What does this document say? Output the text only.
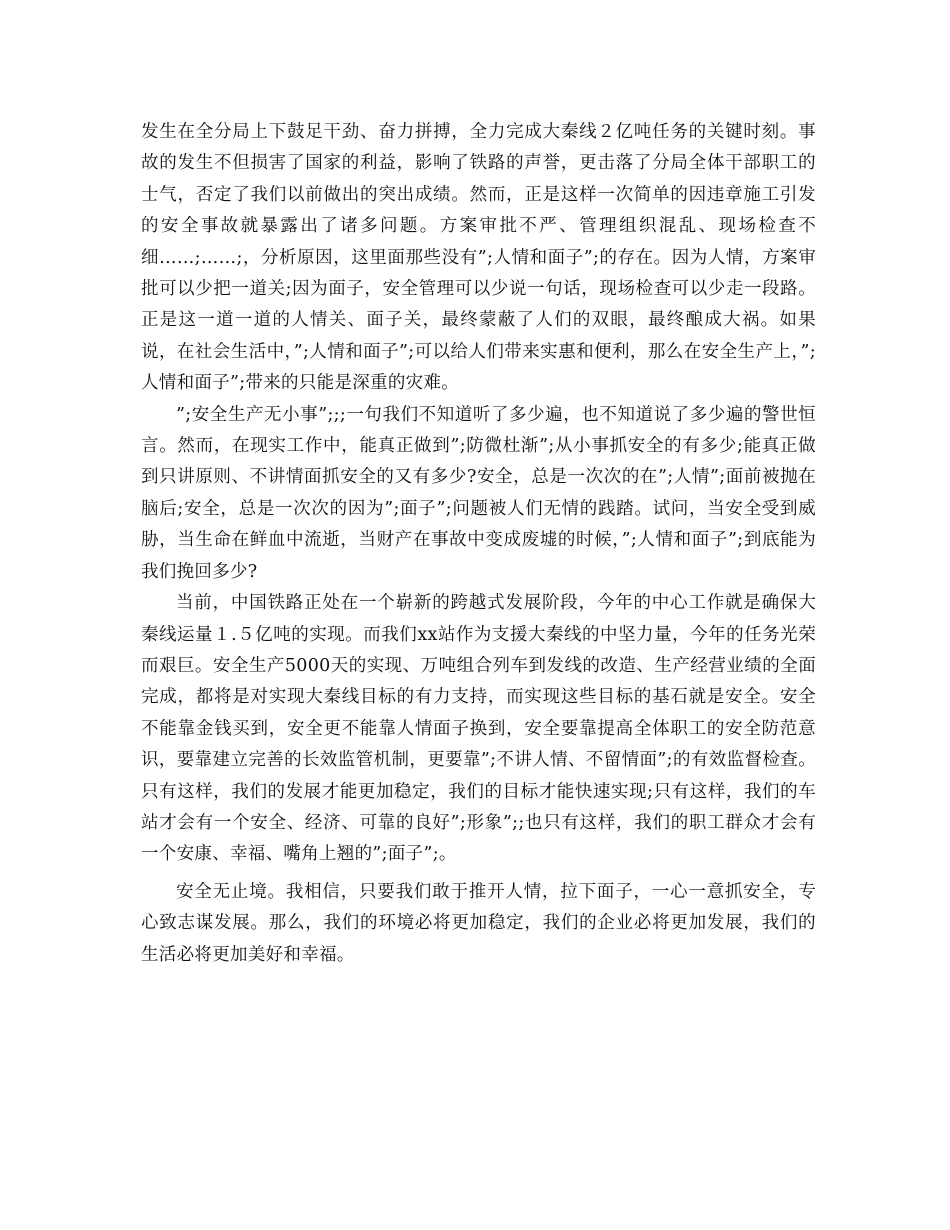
发生在全分局上下鼓足干劲、奋力拼搏，全力完成大秦线２亿吨任务的关键时刻。事故的发生不但损害了国家的利益，影响了铁路的声誉，更击落了分局全体干部职工的士气，否定了我们以前做出的突出成绩。然而，正是这样一次简单的因违章施工引发的安全事故就暴露出了诸多问题。方案审批不严、管理组织混乱、现场检查不细……;……;，分析原因，这里面那些没有”;人情和面子”;的存在。因为人情，方案审批可以少把一道关;因为面子，安全管理可以少说一句话，现场检查可以少走一段路。正是这一道一道的人情关、面子关，最终蒙蔽了人们的双眼，最终酿成大祸。如果说，在社会生活中，”;人情和面子”;可以给人们带来实惠和便利，那么在安全生产上，”;人情和面子”;带来的只能是深重的灾难。

”;安全生产无小事”;;;一句我们不知道听了多少遍，也不知道说了多少遍的警世恒言。然而，在现实工作中，能真正做到”;防微杜渐”;从小事抓安全的有多少;能真正做到只讲原则、不讲情面抓安全的又有多少?安全，总是一次次的在”;人情”;面前被抛在脑后;安全，总是一次次的因为”;面子”;问题被人们无情的践踏。试问，当安全受到威胁，当生命在鲜血中流逝，当财产在事故中变成废墟的时候，”;人情和面子”;到底能为我们挽回多少?

当前，中国铁路正处在一个崭新的跨越式发展阶段，今年的中心工作就是确保大秦线运量１.５亿吨的实现。而我们xx站作为支援大秦线的中坚力量，今年的任务光荣而艰巨。安全生产5000天的实现、万吨组合列车到发线的改造、生产经营业绩的全面完成，都将是对实现大秦线目标的有力支持，而实现这些目标的基石就是安全。安全不能靠金钱买到，安全更不能靠人情面子换到，安全要靠提高全体职工的安全防范意识，要靠建立完善的长效监管机制，更要靠”;不讲人情、不留情面”;的有效监督检查。只有这样，我们的发展才能更加稳定，我们的目标才能快速实现;只有这样，我们的车站才会有一个安全、经济、可靠的良好”;形象”;;也只有这样，我们的职工群众才会有一个安康、幸福、嘴角上翘的”;面子”;。

安全无止境。我相信，只要我们敢于推开人情，拉下面子，一心一意抓安全，专心致志谋发展。那么，我们的环境必将更加稳定，我们的企业必将更加发展，我们的生活必将更加美好和幸福。
